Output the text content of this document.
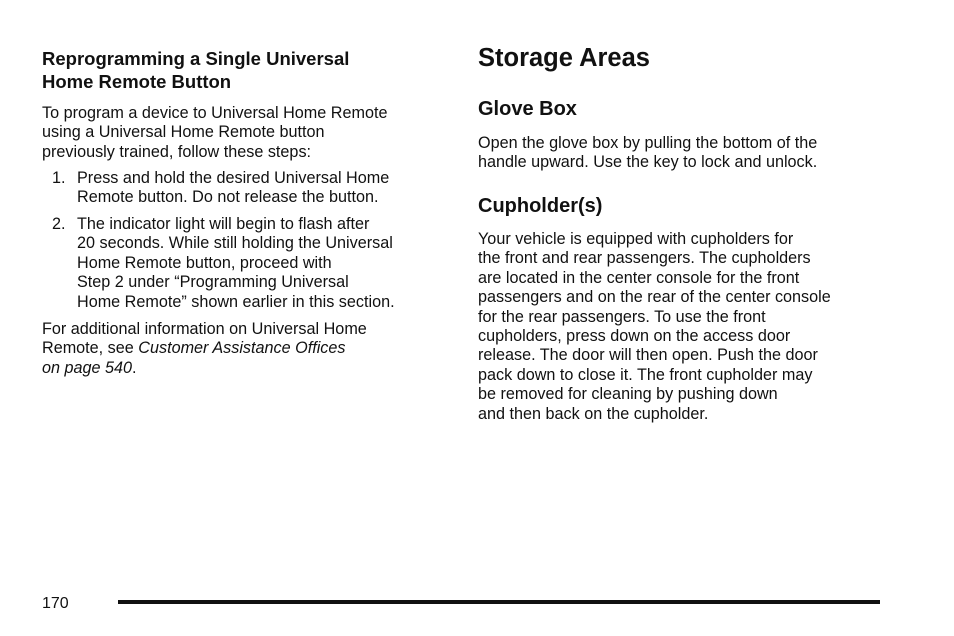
Reprogramming a Single Universal
Home Remote Button

To program a device to Universal Home Remote
using a Universal Home Remote button
previously trained, follow these steps:

1. Press and hold the desired Universal Home
Remote button. Do not release the button.
2. The indicator light will begin to flash after
20 seconds. While still holding the Universal
Home Remote button, proceed with
Step 2 under “Programming Universal
Home Remote” shown earlier in this section.

For additional information on Universal Home
Remote, see Customer Assistance Offices
on page 540.

Storage Areas
Glove Box

Open the glove box by pulling the bottom of the
handle upward. Use the key to lock and unlock.

Cupholder(s)

Your vehicle is equipped with cupholders for
the front and rear passengers. The cupholders
are located in the center console for the front
passengers and on the rear of the center console
for the rear passengers. To use the front
cupholders, press down on the access door
release. The door will then open. Push the door
pack down to close it. The front cupholder may
be removed for cleaning by pushing down
and then back on the cupholder.

170
